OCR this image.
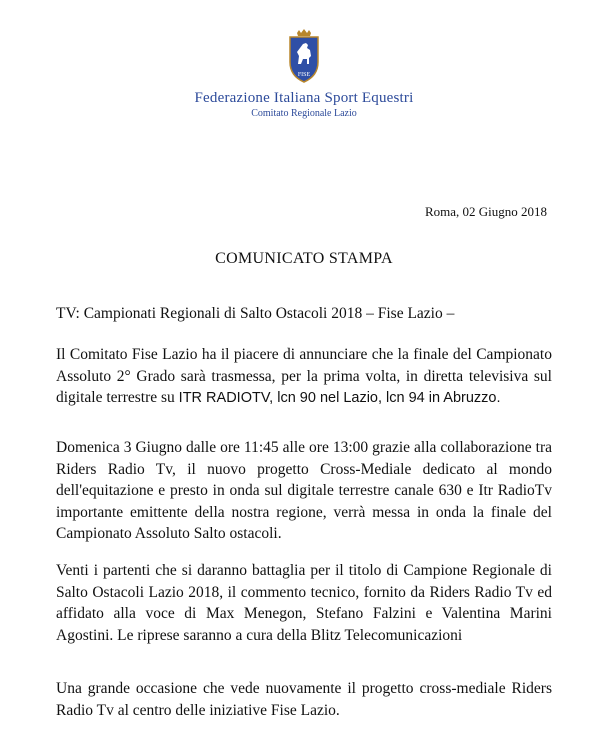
FISE
Federazione Italiana Sport Equestri
Comitato Regionale Lazio
Roma, 02 Giugno 2018
COMUNICATO STAMPA
TV: Campionati Regionali di Salto Ostacoli 2018 – Fise Lazio –

Il Comitato Fise Lazio ha il piacere di annunciare che la finale del Campionato Assoluto 2° Grado sarà trasmessa, per la prima volta, in diretta televisiva sul digitale terrestre su ITR RADIOTV, lcn 90 nel Lazio, lcn 94 in Abruzzo.

Domenica 3 Giugno dalle ore 11:45 alle ore 13:00 grazie alla collaborazione tra Riders Radio Tv, il nuovo progetto Cross-Mediale dedicato al mondo dell'equitazione e presto in onda sul digitale terrestre canale 630 e Itr RadioTv importante emittente della nostra regione, verrà messa in onda la finale del Campionato Assoluto Salto ostacoli.

Venti i partenti che si daranno battaglia per il titolo di Campione Regionale di Salto Ostacoli Lazio 2018, il commento tecnico, fornito da Riders Radio Tv ed affidato alla voce di Max Menegon, Stefano Falzini e Valentina Marini Agostini. Le riprese saranno a cura della Blitz Telecomunicazioni

Una grande occasione che vede nuovamente il progetto cross-mediale Riders Radio Tv al centro delle iniziative Fise Lazio.
